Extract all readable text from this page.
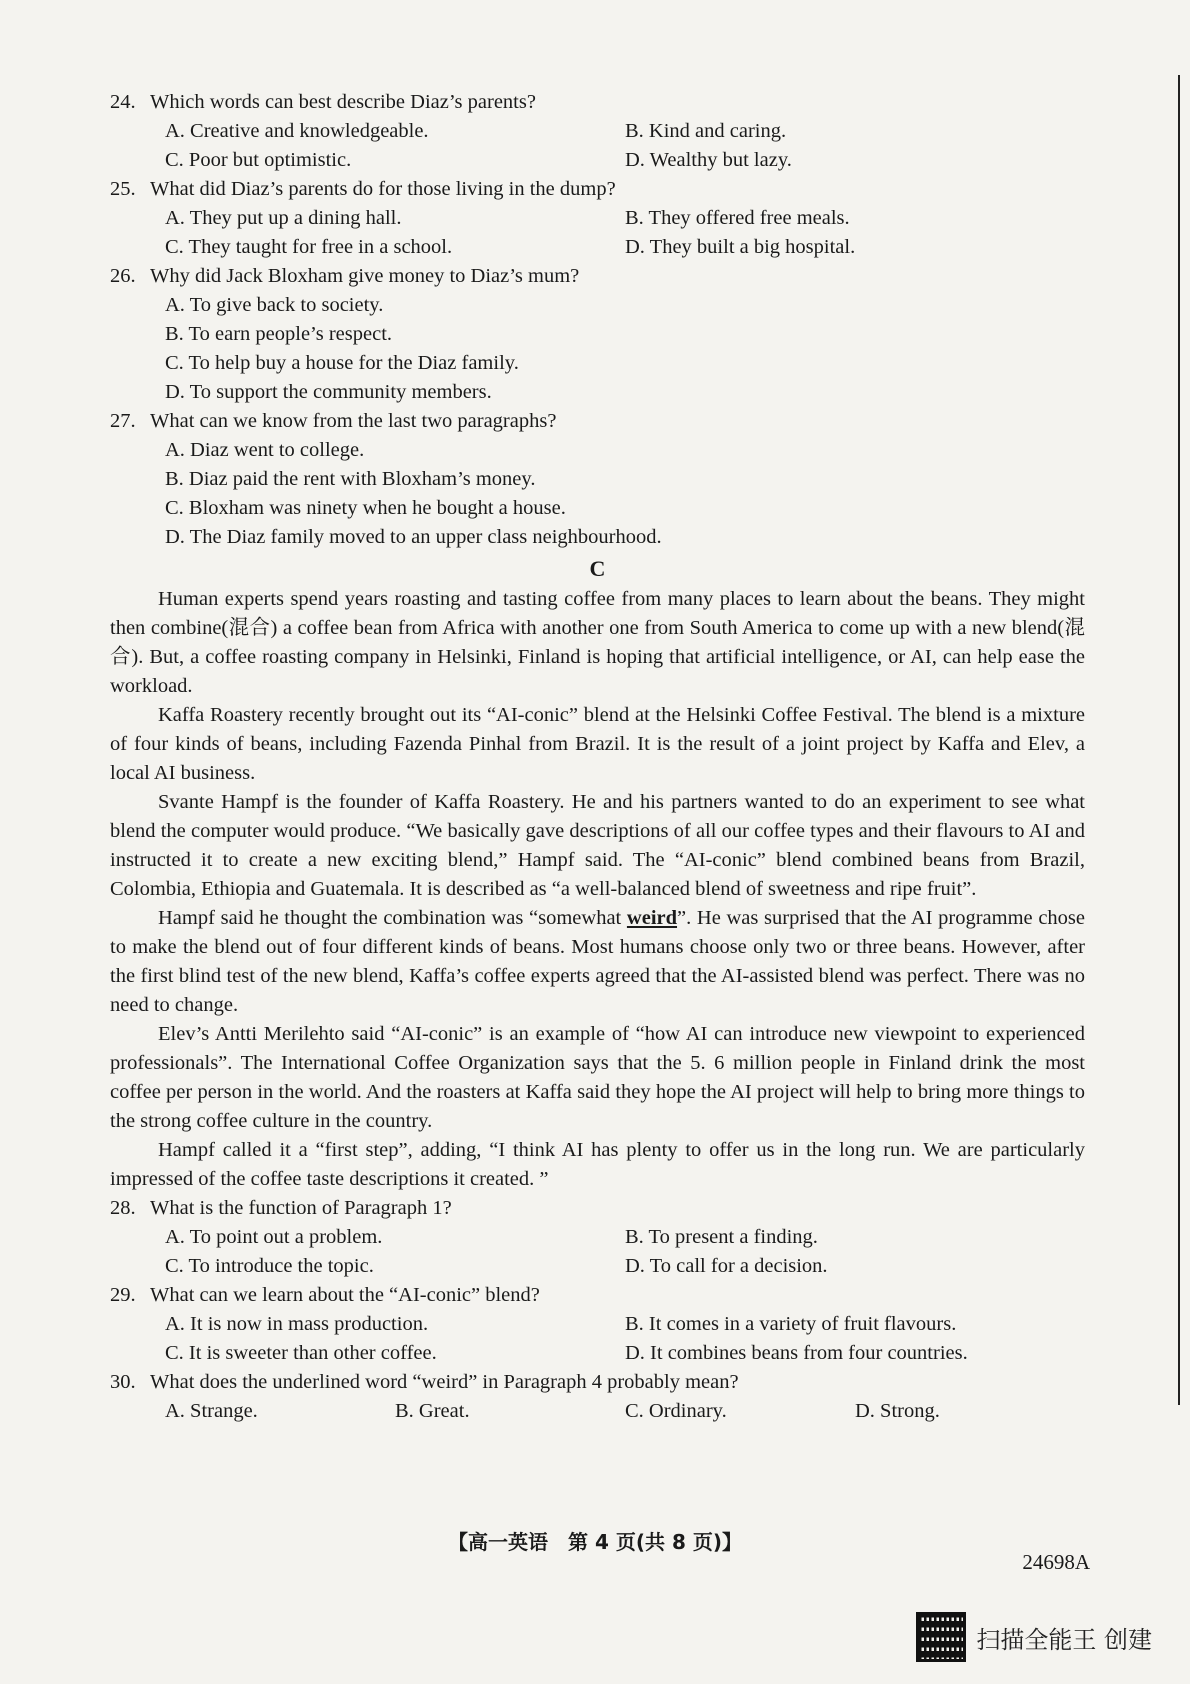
24. Which words can best describe Diaz’s parents?
A. Creative and knowledgeable.	B. Kind and caring.
C. Poor but optimistic.	D. Wealthy but lazy.
25. What did Diaz’s parents do for those living in the dump?
A. They put up a dining hall.	B. They offered free meals.
C. They taught for free in a school.	D. They built a big hospital.
26. Why did Jack Bloxham give money to Diaz’s mum?
A. To give back to society.
B. To earn people’s respect.
C. To help buy a house for the Diaz family.
D. To support the community members.
27. What can we know from the last two paragraphs?
A. Diaz went to college.
B. Diaz paid the rent with Bloxham’s money.
C. Bloxham was ninety when he bought a house.
D. The Diaz family moved to an upper class neighbourhood.
C

Human experts spend years roasting and tasting coffee from many places to learn about the beans. They might then combine(混合) a coffee bean from Africa with another one from South America to come up with a new blend(混合). But, a coffee roasting company in Helsinki, Finland is hoping that artificial intelligence, or AI, can help ease the workload.

Kaffa Roastery recently brought out its “AI-conic” blend at the Helsinki Coffee Festival. The blend is a mixture of four kinds of beans, including Fazenda Pinhal from Brazil. It is the result of a joint project by Kaffa and Elev, a local AI business.

Svante Hampf is the founder of Kaffa Roastery. He and his partners wanted to do an experiment to see what blend the computer would produce. “We basically gave descriptions of all our coffee types and their flavours to AI and instructed it to create a new exciting blend,” Hampf said. The “AI-conic” blend combined beans from Brazil, Colombia, Ethiopia and Guatemala. It is described as “a well-balanced blend of sweetness and ripe fruit”.

Hampf said he thought the combination was “somewhat weird”. He was surprised that the AI programme chose to make the blend out of four different kinds of beans. Most humans choose only two or three beans. However, after the first blind test of the new blend, Kaffa’s coffee experts agreed that the AI-assisted blend was perfect. There was no need to change.

Elev’s Antti Merilehto said “AI-conic” is an example of “how AI can introduce new viewpoint to experienced professionals”. The International Coffee Organization says that the 5. 6 million people in Finland drink the most coffee per person in the world. And the roasters at Kaffa said they hope the AI project will help to bring more things to the strong coffee culture in the country.

Hampf called it a “first step”, adding, “I think AI has plenty to offer us in the long run. We are particularly impressed of the coffee taste descriptions it created. ”

28. What is the function of Paragraph 1?
A. To point out a problem.	B. To present a finding.
C. To introduce the topic.	D. To call for a decision.
29. What can we learn about the “AI-conic” blend?
A. It is now in mass production.	B. It comes in a variety of fruit flavours.
C. It is sweeter than other coffee.	D. It combines beans from four countries.
30. What does the underlined word “weird” in Paragraph 4 probably mean?
A. Strange.	B. Great.	C. Ordinary.	D. Strong.
【高一英语　第 4 页(共 8 页)】
24698A
扫描全能王 创建
